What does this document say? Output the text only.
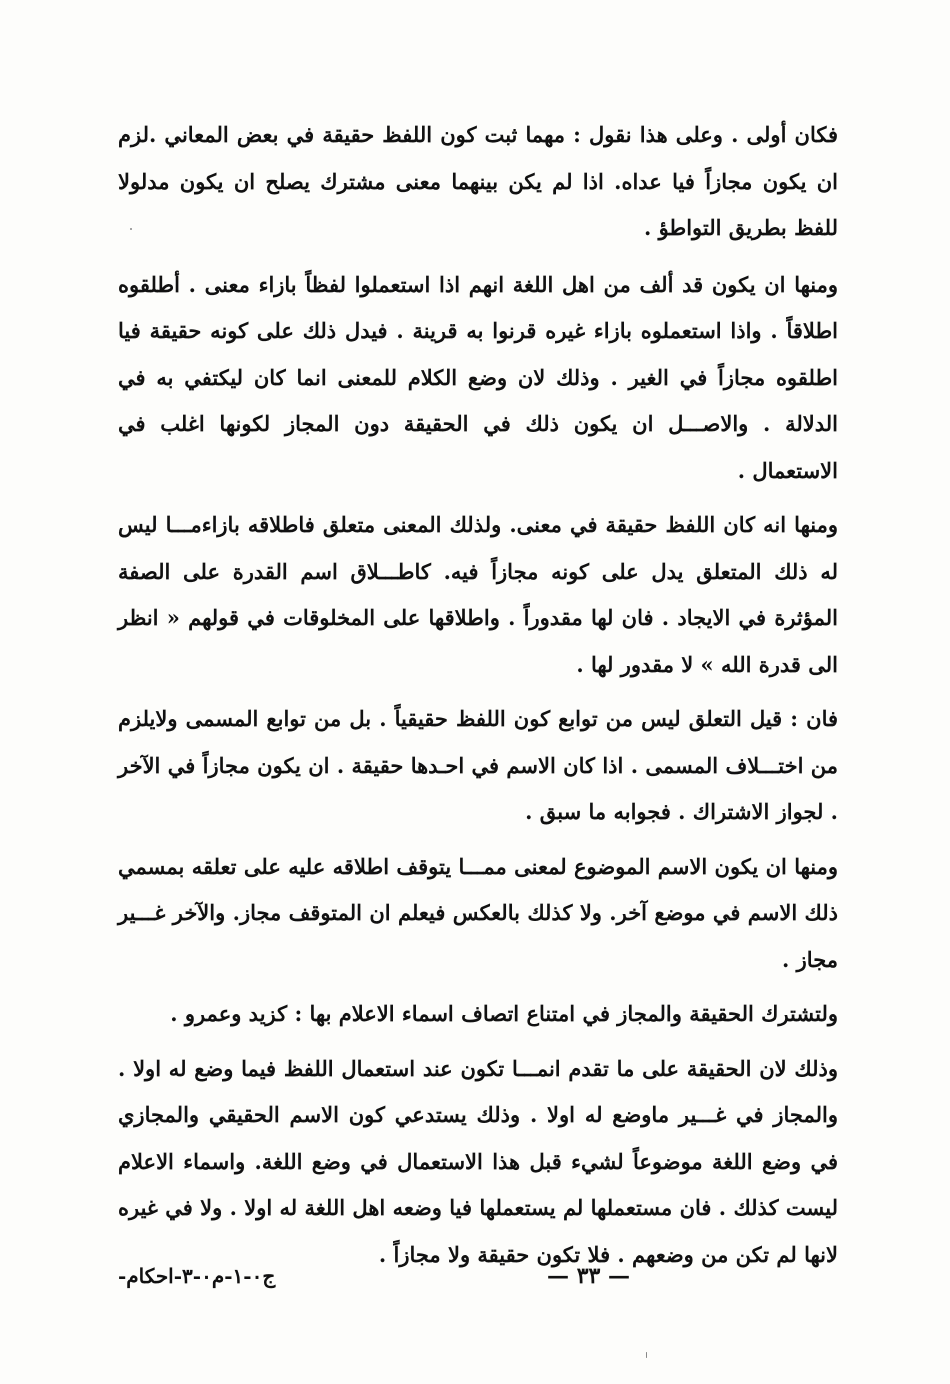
فكان أولى . وعلى هذا نقول : مهما ثبت كون اللفظ حقيقة في بعض المعاني .لزم ان يكون مجازاً فيا عداه. اذا لم يكن بينهما معنى مشترك يصلح ان يكون مدلولا للفظ بطريق التواطؤ .

ومنها ان يكون قد ألف من اهل اللغة انهم اذا استعملوا لفظاً بازاء معنى . أطلقوه اطلاقاً . واذا استعملوه بازاء غيره قرنوا به قرينة . فيدل ذلك على كونه حقيقة فيا اطلقوه مجازاً في الغير . وذلك لان وضع الكلام للمعنى انما كان ليكتفي به في الدلالة . والاصـــل ان يكون ذلك في الحقيقة دون المجاز لكونها اغلب في الاستعمال .

ومنها انه كان اللفظ حقيقة في معنى. ولذلك المعنى متعلق فاطلاقه بازاءمـــا ليس له ذلك المتعلق يدل على كونه مجازاً فيه. كاطـــلاق اسم القدرة على الصفة المؤثرة في الايجاد . فان لها مقدوراً . واطلاقها على المخلوقات في قولهم « انظر الى قدرة الله » لا مقدور لها .

فان : قيل التعلق ليس من توابع كون اللفظ حقيقياً . بل من توابع المسمى ولايلزم من اختـــلاف المسمى . اذا كان الاسم في احـدها حقيقة . ان يكون مجازاً في الآخر . لجواز الاشتراك . فجوابه ما سبق .

ومنها ان يكون الاسم الموضوع لمعنى ممـــا يتوقف اطلاقه عليه على تعلقه بمسمي ذلك الاسم في موضع آخر. ولا كذلك بالعكس فيعلم ان المتوقف مجاز. والآخر غـــير مجاز .

ولتشترك الحقيقة والمجاز في امتناع اتصاف اسماء الاعلام بها : كزيد وعمرو .

وذلك لان الحقيقة على ما تقدم انمـــا تكون عند استعمال اللفظ فيما وضع له اولا . والمجاز في غـــير ماوضع له اولا . وذلك يستدعي كون الاسم الحقيقي والمجازي في وضع اللغة موضوعاً لشيء قبل هذا الاستعمال في وضع اللغة. واسماء الاعلام ليست كذلك . فان مستعملها لم يستعملها فيا وضعه اهل اللغة له اولا . ولا في غيره لانها لم تكن من وضعهم . فلا تكون حقيقة ولا مجازاً .

— ٣٣ —
ج٠-١-م٠-٣-احكام-
